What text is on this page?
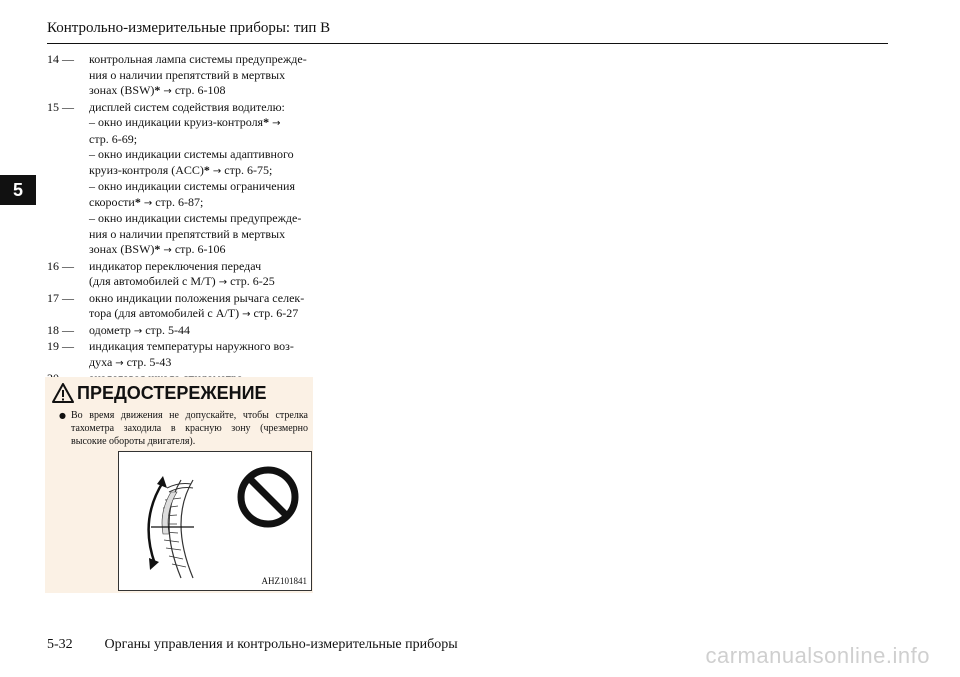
Контрольно-измерительные приборы: тип B
5
14 —	контрольная лампа системы предупрежде-
ния о наличии препятствий в мертвых
зонах (BSW)* → стр. 6-108
15 —	дисплей систем содействия водителю:
– окно индикации круиз-контроля* →
стр. 6-69;
– окно индикации системы адаптивного
круиз-контроля (ACC)* → стр. 6-75;
– окно индикации системы ограничения
скорости* → стр. 6-87;
– окно индикации системы предупрежде-
ния о наличии препятствий в мертвых
зонах (BSW)* → стр. 6-106
16 —	индикатор переключения передач
(для автомобилей с M/T) → стр. 6-25
17 —	окно индикации положения рычага селек-
тора (для автомобилей с A/T) → стр. 6-27
18 —	одометр → стр. 5-44
19 —	индикация температуры наружного воз-
духа → стр. 5-43
ПРЕДОСТЕРЕЖЕНИЕ
● Во время движения не допускайте, чтобы стрелка тахометра заходила в красную зону (чрезмерно высокие обороты двигателя).
AHZ101841
5-32 Органы управления и контрольно-измерительные приборы	carmanualsonline.info
